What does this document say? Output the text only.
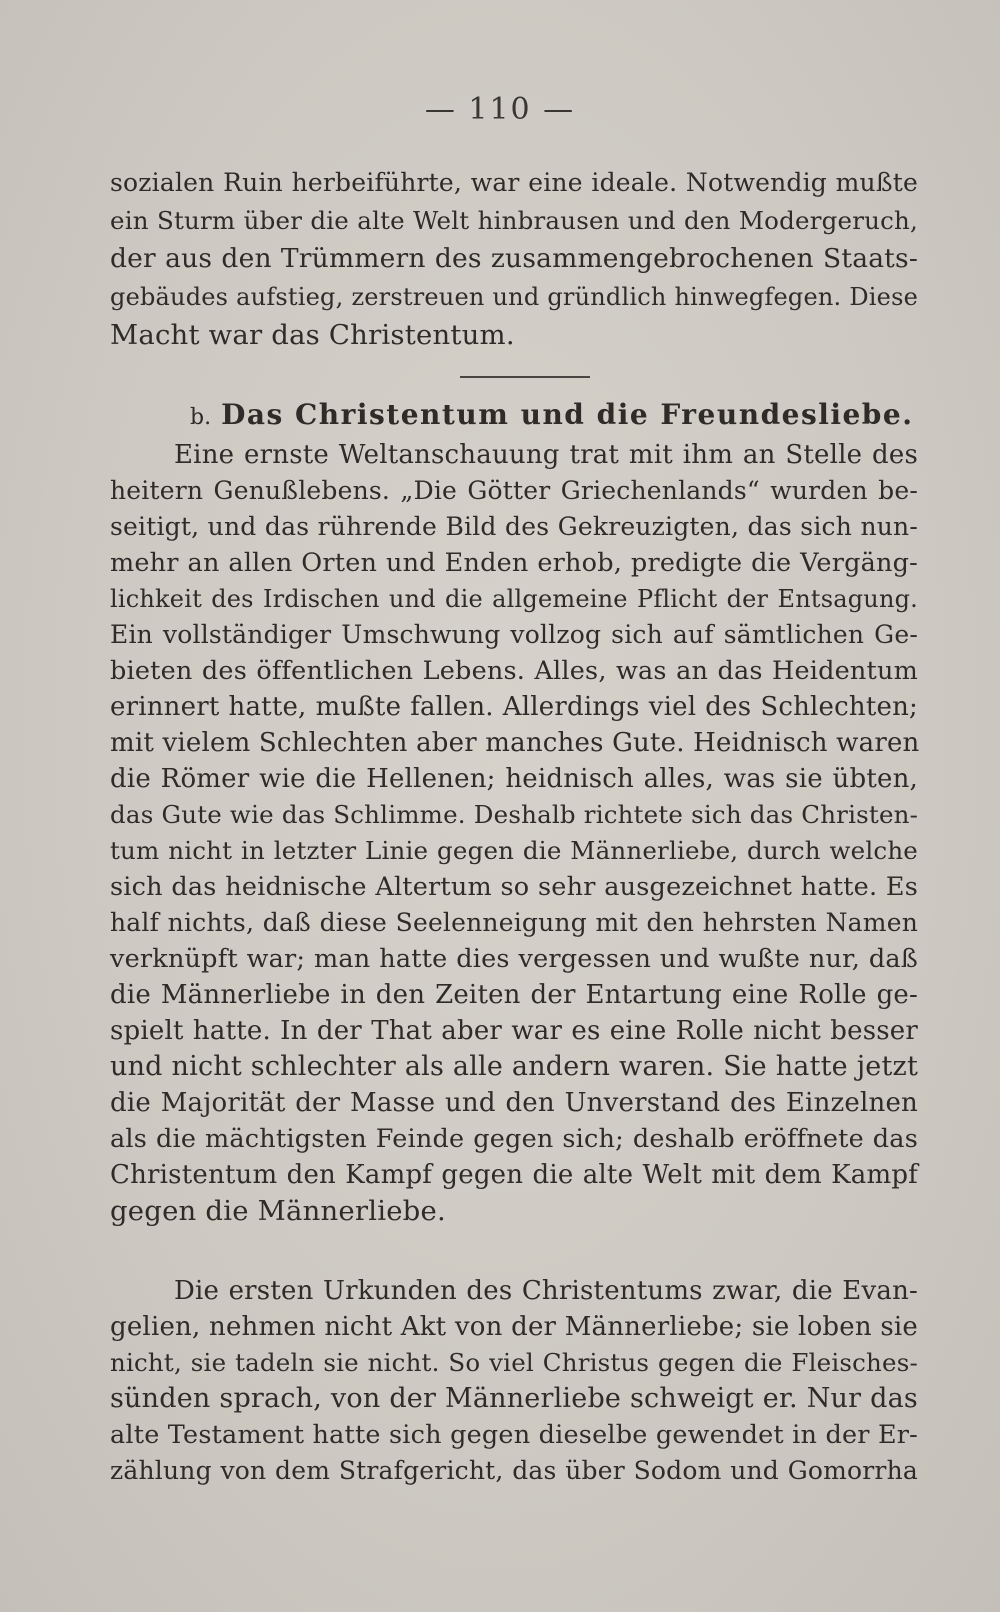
— 110 —
sozialen Ruin herbeiführte, war eine ideale. Notwendig mußte
ein Sturm über die alte Welt hinbrausen und den Modergeruch,
der aus den Trümmern des zusammengebrochenen Staats-
gebäudes aufstieg, zerstreuen und gründlich hinwegfegen. Diese
Macht war das Christentum.
b. Das Christentum und die Freundesliebe.
Eine ernste Weltanschauung trat mit ihm an Stelle des
heitern Genußlebens. „Die Götter Griechenlands“ wurden be-
seitigt, und das rührende Bild des Gekreuzigten, das sich nun-
mehr an allen Orten und Enden erhob, predigte die Vergäng-
lichkeit des Irdischen und die allgemeine Pflicht der Entsagung.
Ein vollständiger Umschwung vollzog sich auf sämtlichen Ge-
bieten des öffentlichen Lebens. Alles, was an das Heidentum
erinnert hatte, mußte fallen. Allerdings viel des Schlechten;
mit vielem Schlechten aber manches Gute. Heidnisch waren
die Römer wie die Hellenen; heidnisch alles, was sie übten,
das Gute wie das Schlimme. Deshalb richtete sich das Christen-
tum nicht in letzter Linie gegen die Männerliebe, durch welche
sich das heidnische Altertum so sehr ausgezeichnet hatte. Es
half nichts, daß diese Seelenneigung mit den hehrsten Namen
verknüpft war; man hatte dies vergessen und wußte nur, daß
die Männerliebe in den Zeiten der Entartung eine Rolle ge-
spielt hatte. In der That aber war es eine Rolle nicht besser
und nicht schlechter als alle andern waren. Sie hatte jetzt
die Majorität der Masse und den Unverstand des Einzelnen
als die mächtigsten Feinde gegen sich; deshalb eröffnete das
Christentum den Kampf gegen die alte Welt mit dem Kampf
gegen die Männerliebe.
Die ersten Urkunden des Christentums zwar, die Evan-
gelien, nehmen nicht Akt von der Männerliebe; sie loben sie
nicht, sie tadeln sie nicht. So viel Christus gegen die Fleisches-
sünden sprach, von der Männerliebe schweigt er. Nur das
alte Testament hatte sich gegen dieselbe gewendet in der Er-
zählung von dem Strafgericht, das über Sodom und Gomorrha
